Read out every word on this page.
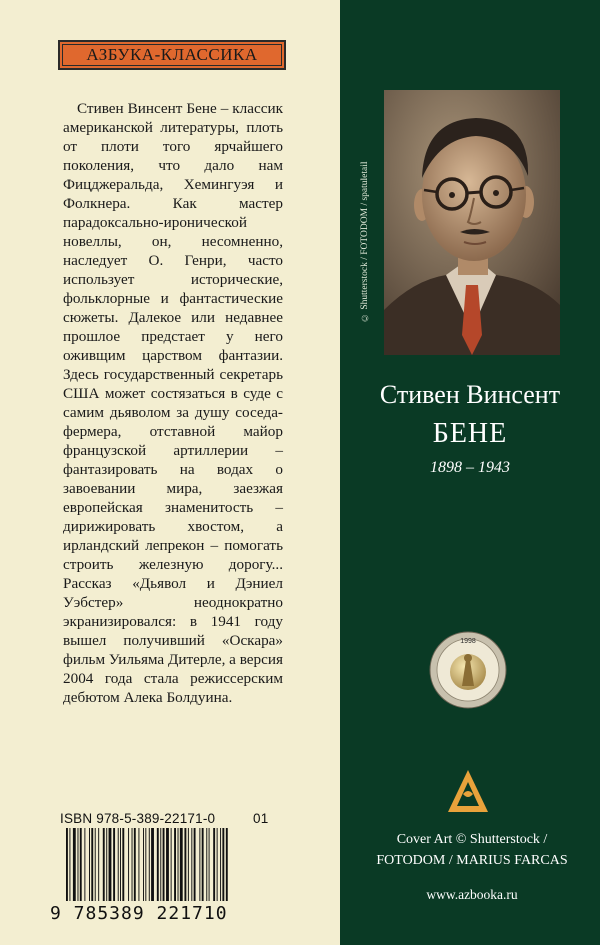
АЗБУКА-КЛАССИКА

Стивен Винсент Бене – классик американской литературы, плоть от плоти того ярчайшего поколения, что дало нам Фицджеральда, Хемингуэя и Фолкнера. Как мастер парадоксально-иронической новеллы, он, несомненно, наследует О. Генри, часто использует исторические, фольклорные и фантастические сюжеты. Далекое или недавнее прошлое предстает у него оживщим царством фантазии. Здесь государственный секретарь США может состязаться в суде с самим дьяволом за душу соседа-фермера, отставной майор французской артиллерии – фантазировать на водах о завоевании мира, заезжая европейская знаменитость – дирижировать хвостом, а ирландский лепрекон – помогать строить железную дорогу... Рассказ «Дьявол и Дэниел Уэбстер» неоднократно экранизировался: в 1941 году вышел получивший «Оскара» фильм Уильяма Дитерле, а версия 2004 года стала режиссерским дебютом Алека Болдуина.

ISBN 978-5-389-22171-0	01
9 785389 221710
© Shutterstock / FOTODOM / spatuletail
Стивен Винсент
БЕНЕ
1898 – 1943
1998
Cover Art © Shutterstock /
FOTODOM / MARIUS FARCAS
www.azbooka.ru
